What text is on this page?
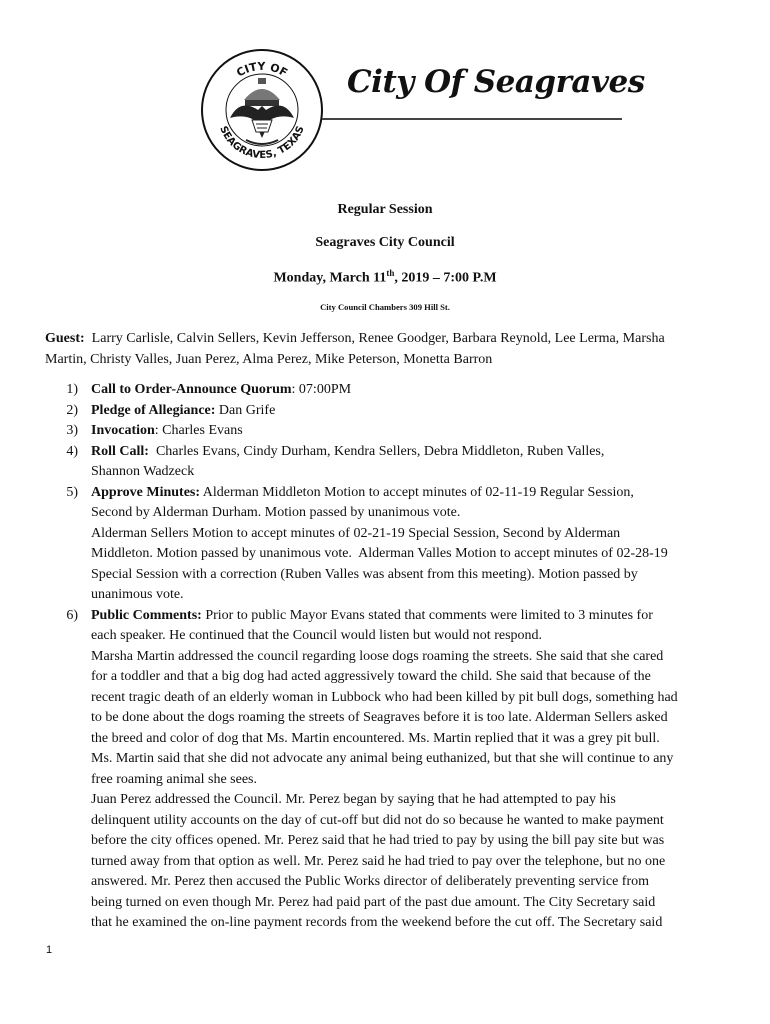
CITY OF
SEAGRAVES, TEXAS
City Of Seagraves
Regular Session
Seagraves City Council
Monday, March 11th, 2019 – 7:00 P.M
City Council Chambers 309 Hill St.
Guest: Larry Carlisle, Calvin Sellers, Kevin Jefferson, Renee Goodger, Barbara Reynold, Lee Lerma, Marsha
Martin, Christy Valles, Juan Perez, Alma Perez, Mike Peterson, Monetta Barron
1) Call to Order-Announce Quorum: 07:00PM
2) Pledge of Allegiance: Dan Grife
3) Invocation: Charles Evans
4) Roll Call:  Charles Evans, Cindy Durham, Kendra Sellers, Debra Middleton, Ruben Valles,
Shannon Wadzeck
5) Approve Minutes: Alderman Middleton Motion to accept minutes of 02-11-19 Regular Session,
Second by Alderman Durham. Motion passed by unanimous vote.
Alderman Sellers Motion to accept minutes of 02-21-19 Special Session, Second by Alderman
Middleton. Motion passed by unanimous vote.  Alderman Valles Motion to accept minutes of 02-28-19
Special Session with a correction (Ruben Valles was absent from this meeting). Motion passed by
unanimous vote.
6) Public Comments: Prior to public Mayor Evans stated that comments were limited to 3 minutes for
each speaker. He continued that the Council would listen but would not respond.
Marsha Martin addressed the council regarding loose dogs roaming the streets. She said that she cared
for a toddler and that a big dog had acted aggressively toward the child. She said that because of the
recent tragic death of an elderly woman in Lubbock who had been killed by pit bull dogs, something had
to be done about the dogs roaming the streets of Seagraves before it is too late. Alderman Sellers asked
the breed and color of dog that Ms. Martin encountered. Ms. Martin replied that it was a grey pit bull.
Ms. Martin said that she did not advocate any animal being euthanized, but that she will continue to any
free roaming animal she sees.
Juan Perez addressed the Council. Mr. Perez began by saying that he had attempted to pay his
delinquent utility accounts on the day of cut-off but did not do so because he wanted to make payment
before the city offices opened. Mr. Perez said that he had tried to pay by using the bill pay site but was
turned away from that option as well. Mr. Perez said he had tried to pay over the telephone, but no one
answered. Mr. Perez then accused the Public Works director of deliberately preventing service from
being turned on even though Mr. Perez had paid part of the past due amount. The City Secretary said
that he examined the on-line payment records from the weekend before the cut off. The Secretary said
1
